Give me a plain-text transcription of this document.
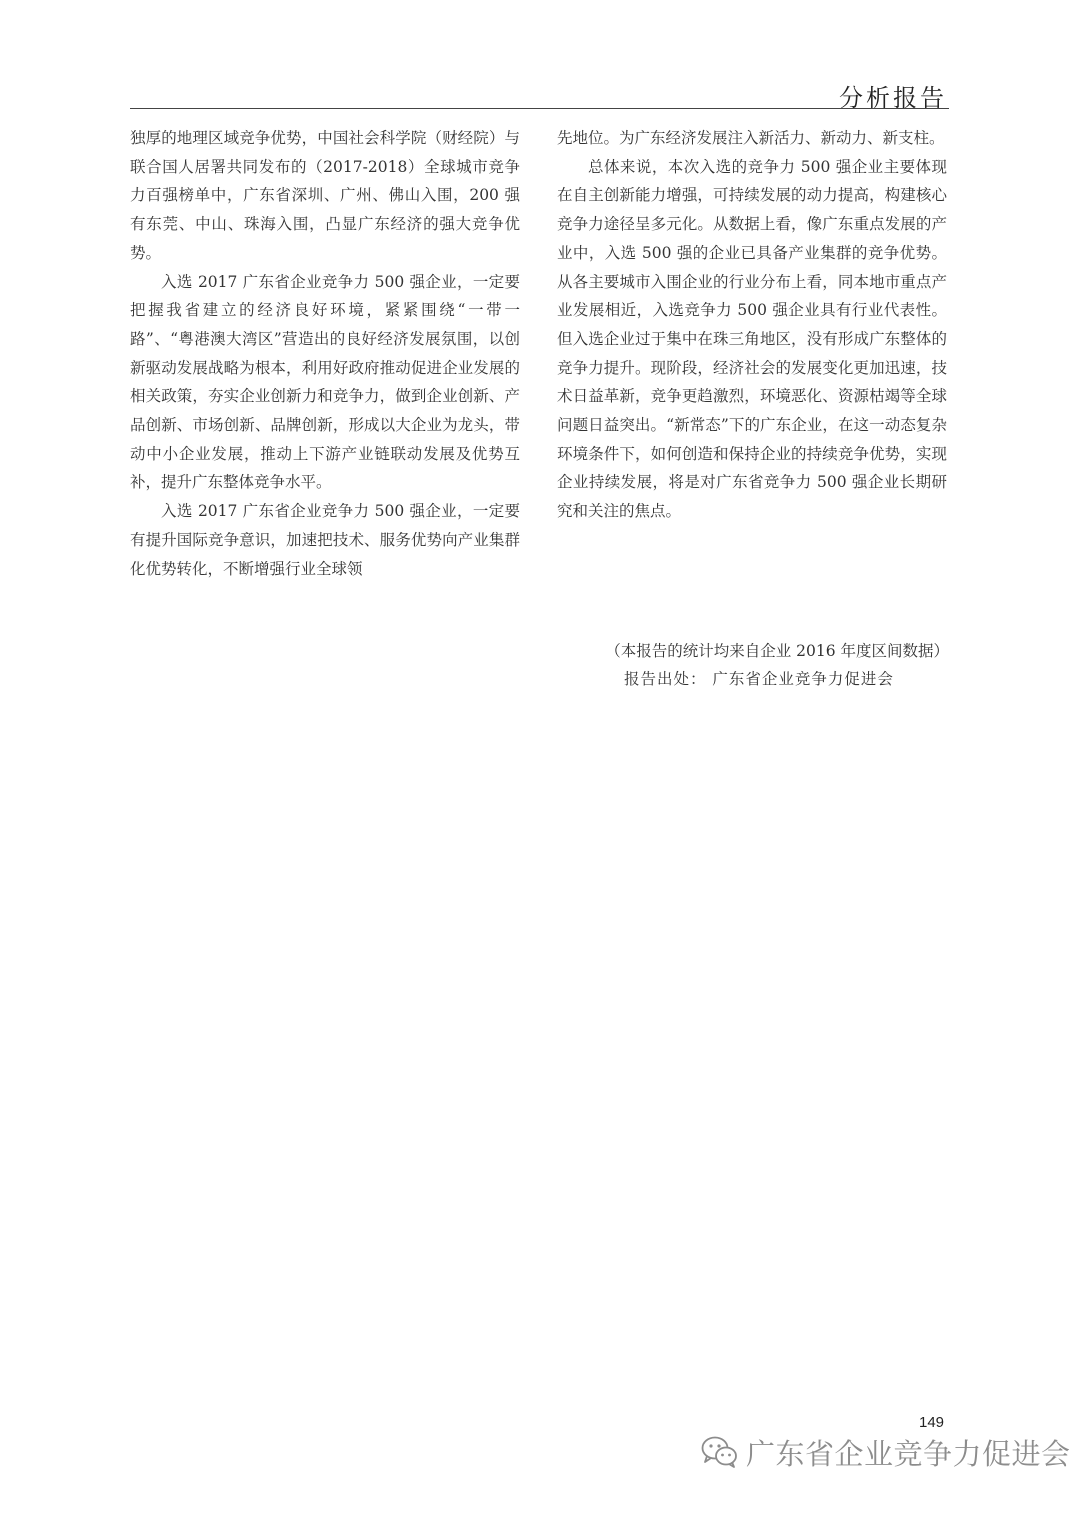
分析报告

独厚的地理区域竞争优势，中国社会科学院（财经院）与联合国人居署共同发布的（2017-2018）全球城市竞争力百强榜单中，广东省深圳、广州、佛山入围，200 强有东莞、中山、珠海入围，凸显广东经济的强大竞争优势。

入选 2017 广东省企业竞争力 500 强企业，一定要把握我省建立的经济良好环境，紧紧围绕“一带一路”、“粤港澳大湾区”营造出的良好经济发展氛围，以创新驱动发展战略为根本，利用好政府推动促进企业发展的相关政策，夯实企业创新力和竞争力，做到企业创新、产品创新、市场创新、品牌创新，形成以大企业为龙头，带动中小企业发展，推动上下游产业链联动发展及优势互补，提升广东整体竞争水平。

入选 2017 广东省企业竞争力 500 强企业，一定要有提升国际竞争意识，加速把技术、服务优势向产业集群化优势转化，不断增强行业全球领

先地位。为广东经济发展注入新活力、新动力、新支柱。

总体来说，本次入选的竞争力 500 强企业主要体现在自主创新能力增强，可持续发展的动力提高，构建核心竞争力途径呈多元化。从数据上看，像广东重点发展的产业中，入选 500 强的企业已具备产业集群的竞争优势。从各主要城市入围企业的行业分布上看，同本地市重点产业发展相近，入选竞争力 500 强企业具有行业代表性。但入选企业过于集中在珠三角地区，没有形成广东整体的竞争力提升。现阶段，经济社会的发展变化更加迅速，技术日益革新，竞争更趋激烈，环境恶化、资源枯竭等全球问题日益突出。“新常态”下的广东企业，在这一动态复杂环境条件下，如何创造和保持企业的持续竞争优势，实现企业持续发展，将是对广东省竞争力 500 强企业长期研究和关注的焦点。

（本报告的统计均来自企业 2016 年度区间数据）

报告出处： 广东省企业竞争力促进会

149
广东省企业竞争力促进会
